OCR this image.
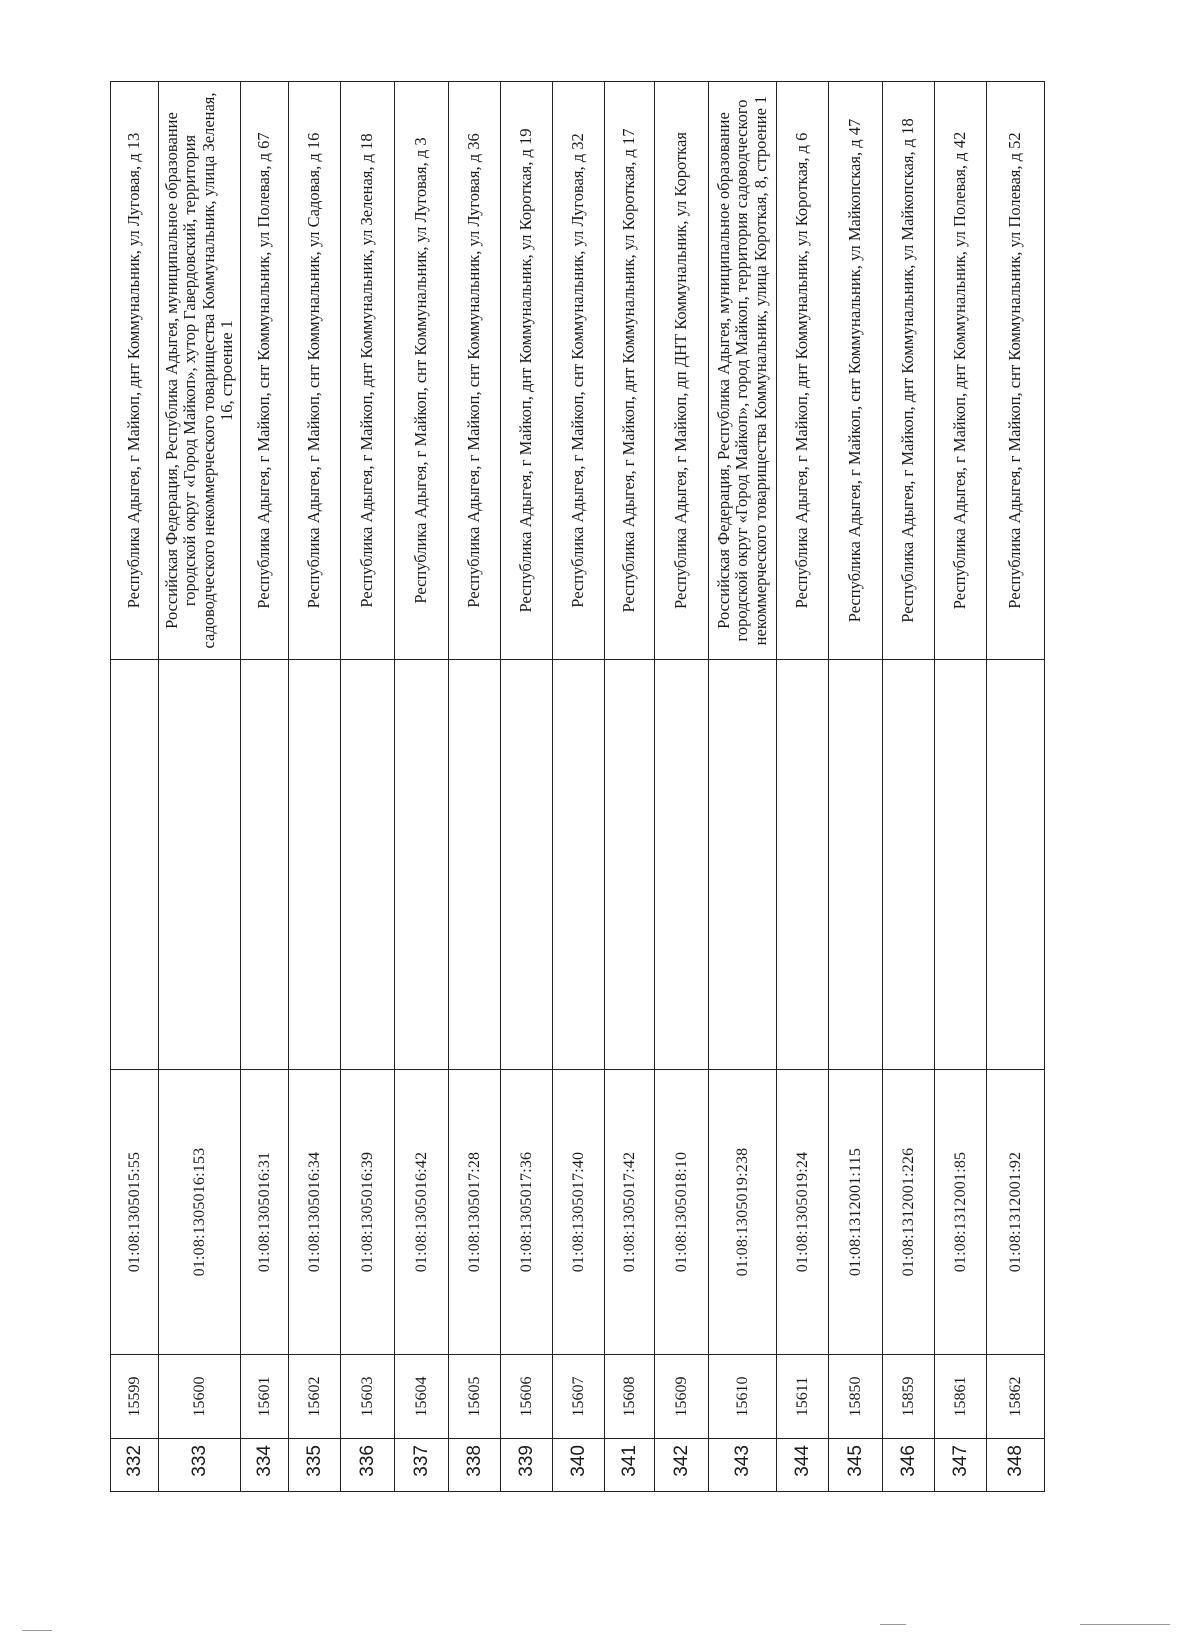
332	15599	01:08:1305015:55		Республика Адыгея, г Майкоп, днт Коммунальник, ул Луговая, д 13
333	15600	01:08:1305016:153		Российская Федерация, Республика Адыгея, муниципальное образование городской округ «Город Майкоп», хутор Гавердовский, территория садоводческого некоммерческого товарищества Коммунальник, улица Зеленая, 16, строение 1
334	15601	01:08:1305016:31		Республика Адыгея, г Майкоп, снт Коммунальник, ул Полевая, д 67
335	15602	01:08:1305016:34		Республика Адыгея, г Майкоп, снт Коммунальник, ул Садовая, д 16
336	15603	01:08:1305016:39		Республика Адыгея, г Майкоп, днт Коммунальник, ул Зеленая, д 18
337	15604	01:08:1305016:42		Республика Адыгея, г Майкоп, снт Коммунальник, ул Луговая, д 3
338	15605	01:08:1305017:28		Республика Адыгея, г Майкоп, снт Коммунальник, ул Луговая, д 36
339	15606	01:08:1305017:36		Республика Адыгея, г Майкоп, днт Коммунальник, ул Короткая, д 19
340	15607	01:08:1305017:40		Республика Адыгея, г Майкоп, снт Коммунальник, ул Луговая, д 32
341	15608	01:08:1305017:42		Республика Адыгея, г Майкоп, днт Коммунальник, ул Короткая, д 17
342	15609	01:08:1305018:10		Республика Адыгея, г Майкоп, дп ДНТ Коммунальник, ул Короткая
343	15610	01:08:1305019:238		Российская Федерация, Республика Адыгея, муниципальное образование городской округ «Город Майкоп», город Майкоп, территория садоводческого некоммерческого товарищества Коммунальник, улица Короткая, 8, строение 1
344	15611	01:08:1305019:24		Республика Адыгея, г Майкоп, днт Коммунальник, ул Короткая, д 6
345	15850	01:08:1312001:115		Республика Адыгея, г Майкоп, снт Коммунальник, ул Майкопская, д 47
346	15859	01:08:1312001:226		Республика Адыгея, г Майкоп, днт Коммунальник, ул Майкопская, д 18
347	15861	01:08:1312001:85		Республика Адыгея, г Майкоп, днт Коммунальник, ул Полевая, д 42
348	15862	01:08:1312001:92		Республика Адыгея, г Майкоп, снт Коммунальник, ул Полевая, д 52
